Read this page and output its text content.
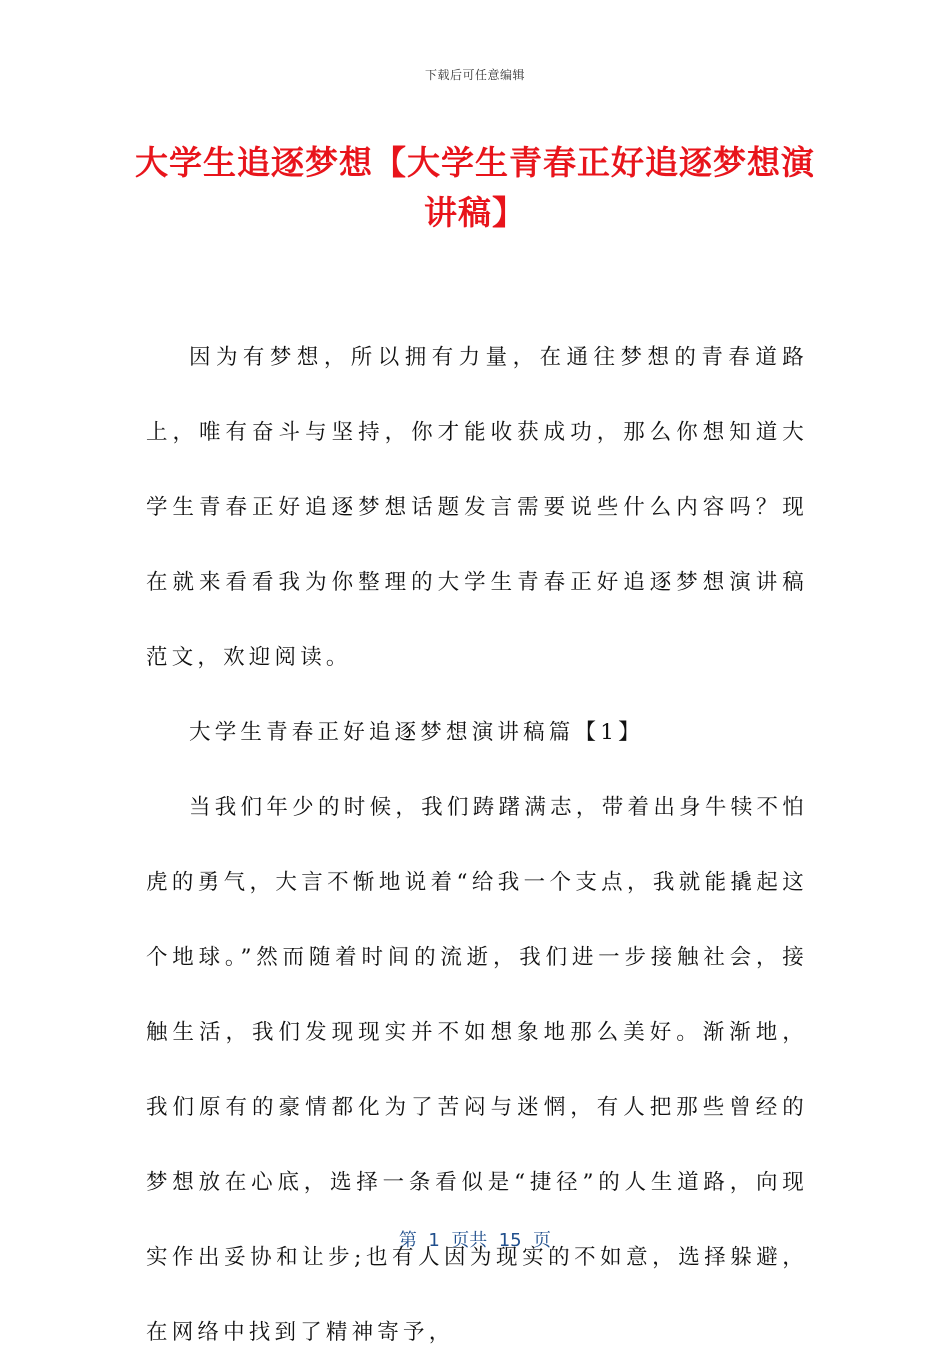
下载后可任意编辑
大学生追逐梦想【大学生青春正好追逐梦想演讲稿】

因为有梦想，所以拥有力量，在通往梦想的青春道路上，唯有奋斗与坚持，你才能收获成功，那么你想知道大学生青春正好追逐梦想话题发言需要说些什么内容吗？现在就来看看我为你整理的大学生青春正好追逐梦想演讲稿范文，欢迎阅读。

大学生青春正好追逐梦想演讲稿篇【1】

当我们年少的时候，我们踌躇满志，带着出身牛犊不怕虎的勇气，大言不惭地说着“给我一个支点，我就能撬起这个地球。”然而随着时间的流逝，我们进一步接触社会，接触生活，我们发现现实并不如想象地那么美好。渐渐地，我们原有的豪情都化为了苦闷与迷惘，有人把那些曾经的梦想放在心底，选择一条看似是“捷径”的人生道路，向现实作出妥协和让步;也有人因为现实的不如意，选择躲避，在网络中找到了精神寄予，

第  1  页共  15  页
